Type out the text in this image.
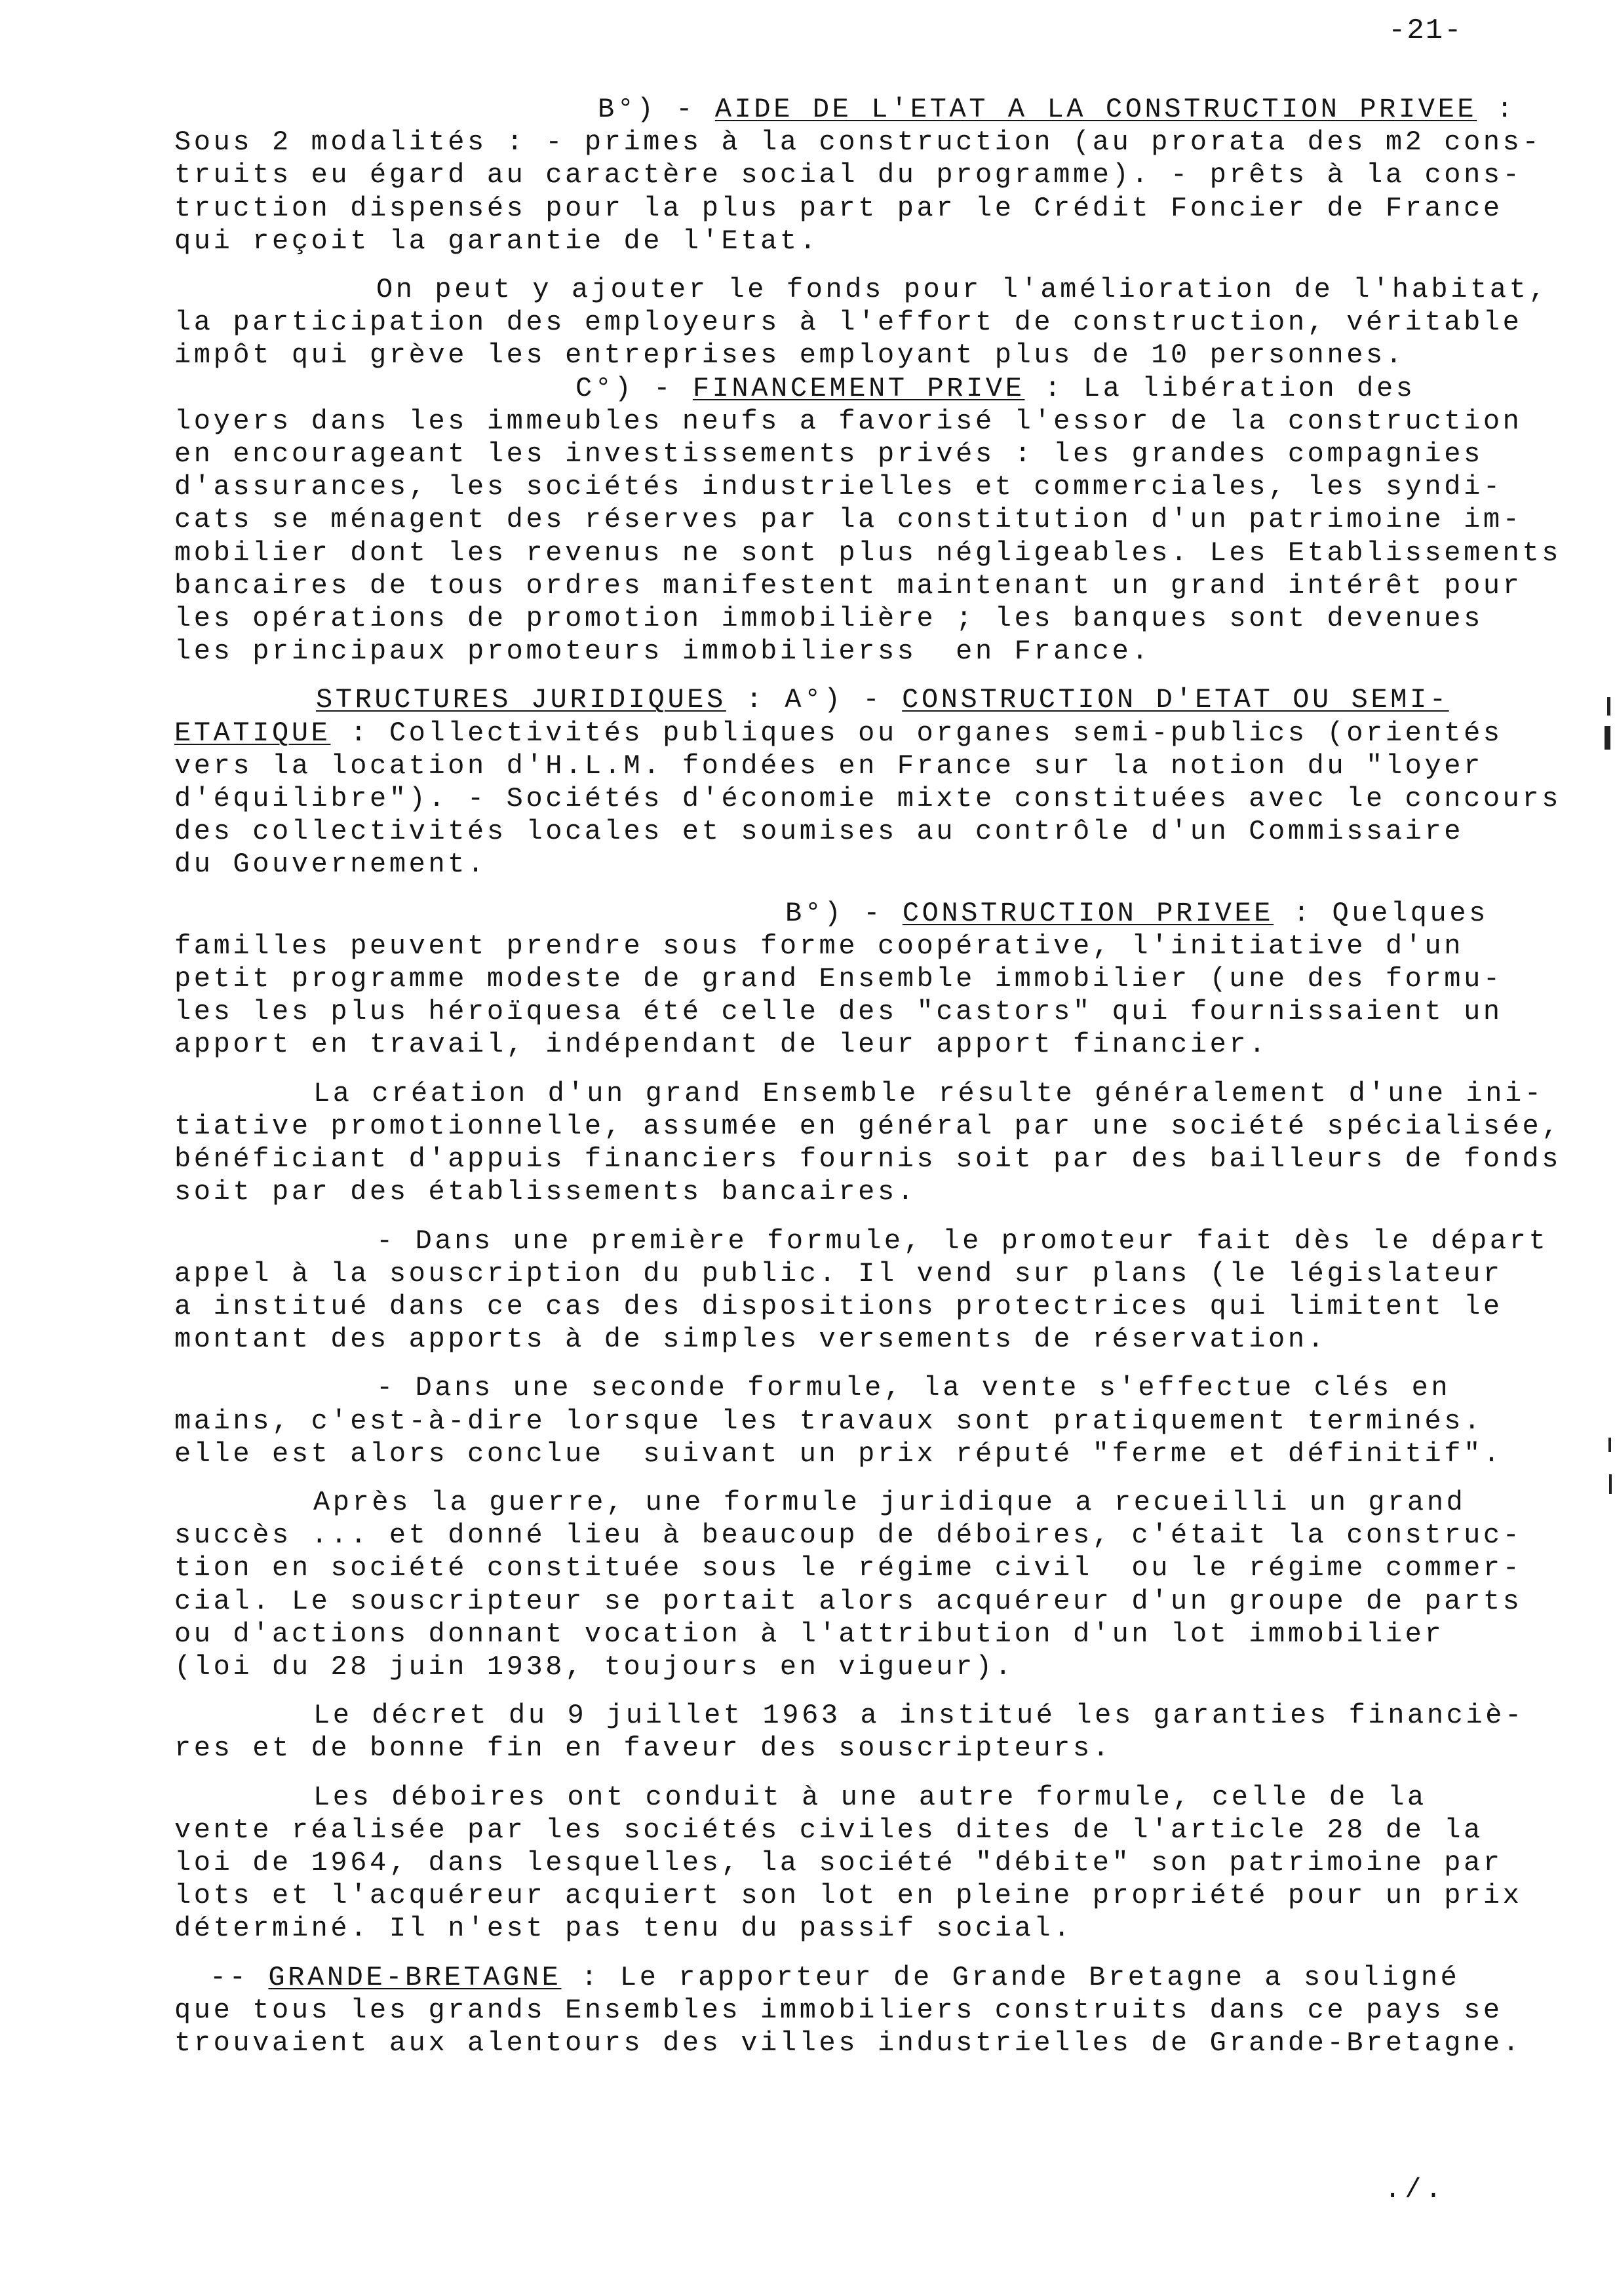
-21-

B°) - AIDE DE L'ETAT A LA CONSTRUCTION PRIVEE :

Sous 2 modalités : - primes à la construction (au prorata des m2 cons-

truits eu égard au caractère social du programme). - prêts à la cons-

truction dispensés pour la plus part par le Crédit Foncier de France

qui reçoit la garantie de l'Etat.

On peut y ajouter le fonds pour l'amélioration de l'habitat,

la participation des employeurs à l'effort de construction, véritable

impôt qui grève les entreprises employant plus de 10 personnes.

C°) - FINANCEMENT PRIVE : La libération des

loyers dans les immeubles neufs a favorisé l'essor de la construction

en encourageant les investissements privés : les grandes compagnies

d'assurances, les sociétés industrielles et commerciales, les syndi-

cats se ménagent des réserves par la constitution d'un patrimoine im-

mobilier dont les revenus ne sont plus négligeables. Les Etablissements

bancaires de tous ordres manifestent maintenant un grand intérêt pour

les opérations de promotion immobilière ; les banques sont devenues

les principaux promoteurs immobilierss  en France.

STRUCTURES JURIDIQUES : A°) - CONSTRUCTION D'ETAT OU SEMI-

ETATIQUE : Collectivités publiques ou organes semi-publics (orientés

vers la location d'H.L.M. fondées en France sur la notion du "loyer

d'équilibre"). - Sociétés d'économie mixte constituées avec le concours

des collectivités locales et soumises au contrôle d'un Commissaire

du Gouvernement.

B°) - CONSTRUCTION PRIVEE : Quelques

familles peuvent prendre sous forme coopérative, l'initiative d'un

petit programme modeste de grand Ensemble immobilier (une des formu-

les les plus héroïquesa été celle des "castors" qui fournissaient un

apport en travail, indépendant de leur apport financier.

La création d'un grand Ensemble résulte généralement d'une ini-

tiative promotionnelle, assumée en général par une société spécialisée,

bénéficiant d'appuis financiers fournis soit par des bailleurs de fonds

soit par des établissements bancaires.

- Dans une première formule, le promoteur fait dès le départ

appel à la souscription du public. Il vend sur plans (le législateur

a institué dans ce cas des dispositions protectrices qui limitent le

montant des apports à de simples versements de réservation.

- Dans une seconde formule, la vente s'effectue clés en

mains, c'est-à-dire lorsque les travaux sont pratiquement terminés.

elle est alors conclue  suivant un prix réputé "ferme et définitif".

Après la guerre, une formule juridique a recueilli un grand

succès ... et donné lieu à beaucoup de déboires, c'était la construc-

tion en société constituée sous le régime civil  ou le régime commer-

cial. Le souscripteur se portait alors acquéreur d'un groupe de parts

ou d'actions donnant vocation à l'attribution d'un lot immobilier

(loi du 28 juin 1938, toujours en vigueur).

Le décret du 9 juillet 1963 a institué les garanties financiè-

res et de bonne fin en faveur des souscripteurs.

Les déboires ont conduit à une autre formule, celle de la

vente réalisée par les sociétés civiles dites de l'article 28 de la

loi de 1964, dans lesquelles, la société "débite" son patrimoine par

lots et l'acquéreur acquiert son lot en pleine propriété pour un prix

déterminé. Il n'est pas tenu du passif social.

-- GRANDE-BRETAGNE : Le rapporteur de Grande Bretagne a souligné

que tous les grands Ensembles immobiliers construits dans ce pays se

trouvaient aux alentours des villes industrielles de Grande-Bretagne.

./.
